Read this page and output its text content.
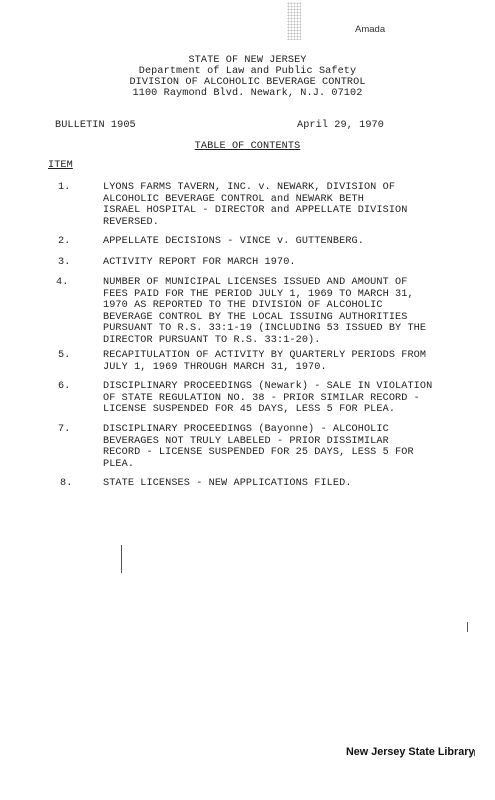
Amada
STATE OF NEW JERSEY
Department of Law and Public Safety
DIVISION OF ALCOHOLIC BEVERAGE CONTROL
1100 Raymond Blvd. Newark, N.J. 07102
BULLETIN 1905	April 29, 1970
TABLE OF CONTENTS
ITEM
1.	LYONS FARMS TAVERN, INC. v. NEWARK, DIVISION OF
ALCOHOLIC BEVERAGE CONTROL and NEWARK BETH
ISRAEL HOSPITAL - DIRECTOR and APPELLATE DIVISION
REVERSED.
2.	APPELLATE DECISIONS - VINCE v. GUTTENBERG.
3.	ACTIVITY REPORT FOR MARCH 1970.
4.	NUMBER OF MUNICIPAL LICENSES ISSUED AND AMOUNT OF
FEES PAID FOR THE PERIOD JULY 1, 1969 TO MARCH 31,
1970 AS REPORTED TO THE DIVISION OF ALCOHOLIC
BEVERAGE CONTROL BY THE LOCAL ISSUING AUTHORITIES
PURSUANT TO R.S. 33:1-19 (INCLUDING 53 ISSUED BY THE
DIRECTOR PURSUANT TO R.S. 33:1-20).
5.	RECAPITULATION OF ACTIVITY BY QUARTERLY PERIODS FROM
JULY 1, 1969 THROUGH MARCH 31, 1970.
6.	DISCIPLINARY PROCEEDINGS (Newark) - SALE IN VIOLATION
OF STATE REGULATION NO. 38 - PRIOR SIMILAR RECORD -
LICENSE SUSPENDED FOR 45 DAYS, LESS 5 FOR PLEA.
7.	DISCIPLINARY PROCEEDINGS (Bayonne) - ALCOHOLIC
BEVERAGES NOT TRULY LABELED - PRIOR DISSIMILAR
RECORD - LICENSE SUSPENDED FOR 25 DAYS, LESS 5 FOR
PLEA.
8.	STATE LICENSES - NEW APPLICATIONS FILED.
New Jersey State Library
